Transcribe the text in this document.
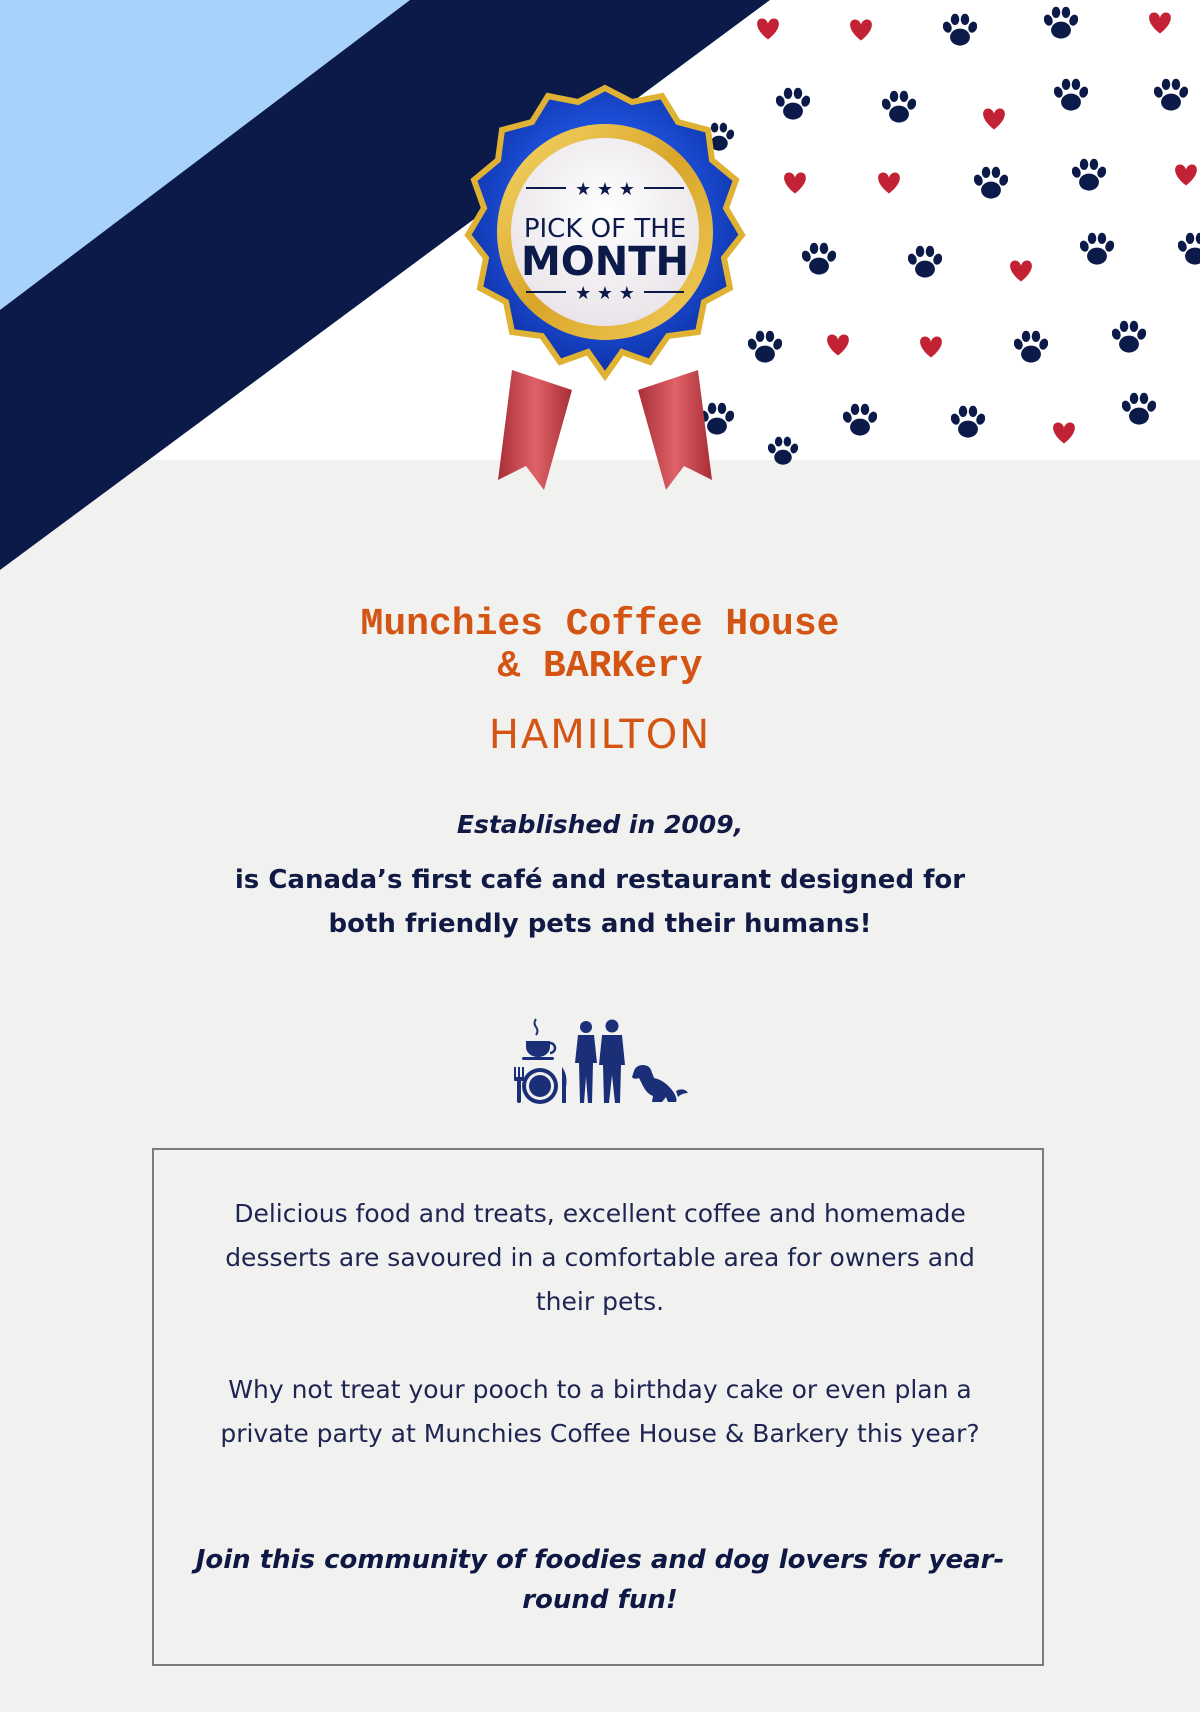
★ ★ ★
★ ★ ★
PICK OF THE
MONTH
Munchies Coffee House
& BARKery
HAMILTON

Established in 2009,

is Canada’s first café and restaurant designed for both friendly pets and their humans!

Delicious food and treats, excellent coffee and homemade desserts are savoured in a comfortable area for owners and their pets.

Why not treat your pooch to a birthday cake or even plan a private party at Munchies Coffee House & Barkery this year?

Join this community of foodies and dog lovers for year-round fun!
